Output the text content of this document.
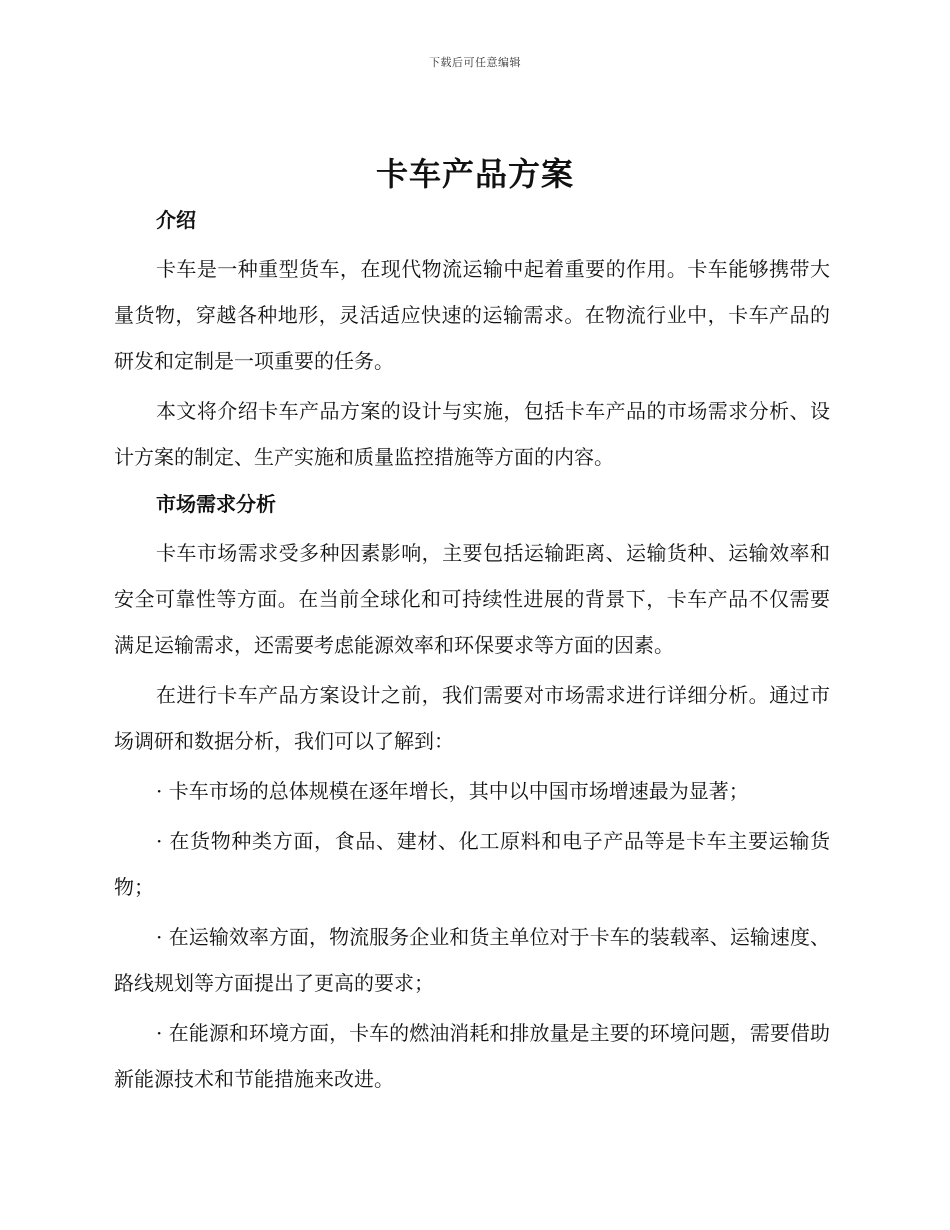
下载后可任意编辑
卡车产品方案
介绍

卡车是一种重型货车，在现代物流运输中起着重要的作用。卡车能够携带大量货物，穿越各种地形，灵活适应快速的运输需求。在物流行业中，卡车产品的研发和定制是一项重要的任务。

本文将介绍卡车产品方案的设计与实施，包括卡车产品的市场需求分析、设计方案的制定、生产实施和质量监控措施等方面的内容。

市场需求分析

卡车市场需求受多种因素影响，主要包括运输距离、运输货种、运输效率和安全可靠性等方面。在当前全球化和可持续性进展的背景下，卡车产品不仅需要满足运输需求，还需要考虑能源效率和环保要求等方面的因素。

在进行卡车产品方案设计之前，我们需要对市场需求进行详细分析。通过市场调研和数据分析，我们可以了解到：

· 卡车市场的总体规模在逐年增长，其中以中国市场增速最为显著；

· 在货物种类方面，食品、建材、化工原料和电子产品等是卡车主要运输货物；

· 在运输效率方面，物流服务企业和货主单位对于卡车的装载率、运输速度、路线规划等方面提出了更高的要求；

· 在能源和环境方面，卡车的燃油消耗和排放量是主要的环境问题，需要借助新能源技术和节能措施来改进。
